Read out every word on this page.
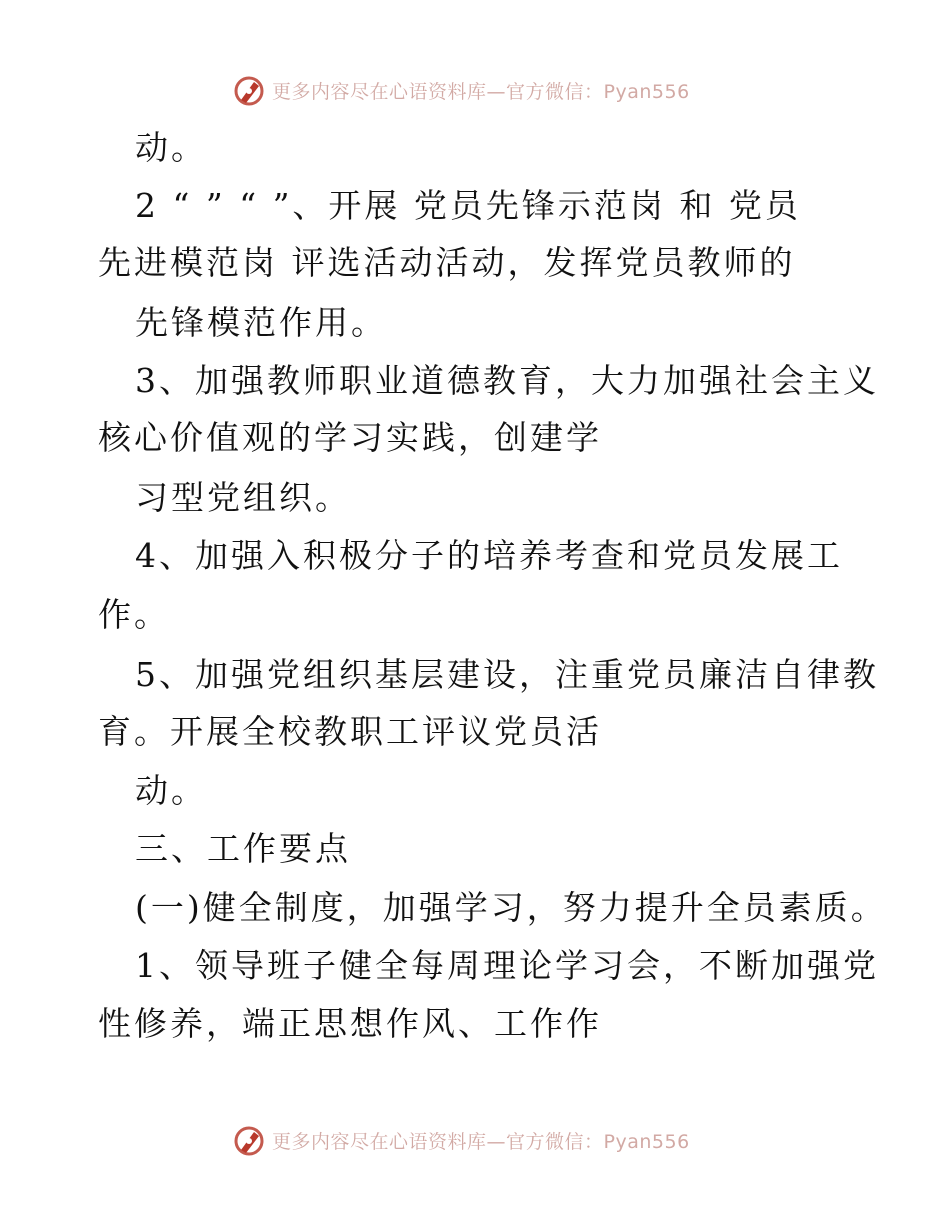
更多内容尽在心语资料库—官方微信：Pyan556
动。
2 “ ” “ ”、开展 党员先锋示范岗 和 党员
先进模范岗 评选活动活动，发挥党员教师的
先锋模范作用。
3、加强教师职业道德教育，大力加强社会主义
核心价值观的学习实践，创建学
习型党组织。
4、加强入积极分子的培养考查和党员发展工
作。
5、加强党组织基层建设，注重党员廉洁自律教
育。开展全校教职工评议党员活
动。
三、工作要点
(一)健全制度，加强学习，努力提升全员素质。
1、领导班子健全每周理论学习会，不断加强党
性修养，端正思想作风、工作作
更多内容尽在心语资料库—官方微信：Pyan556
